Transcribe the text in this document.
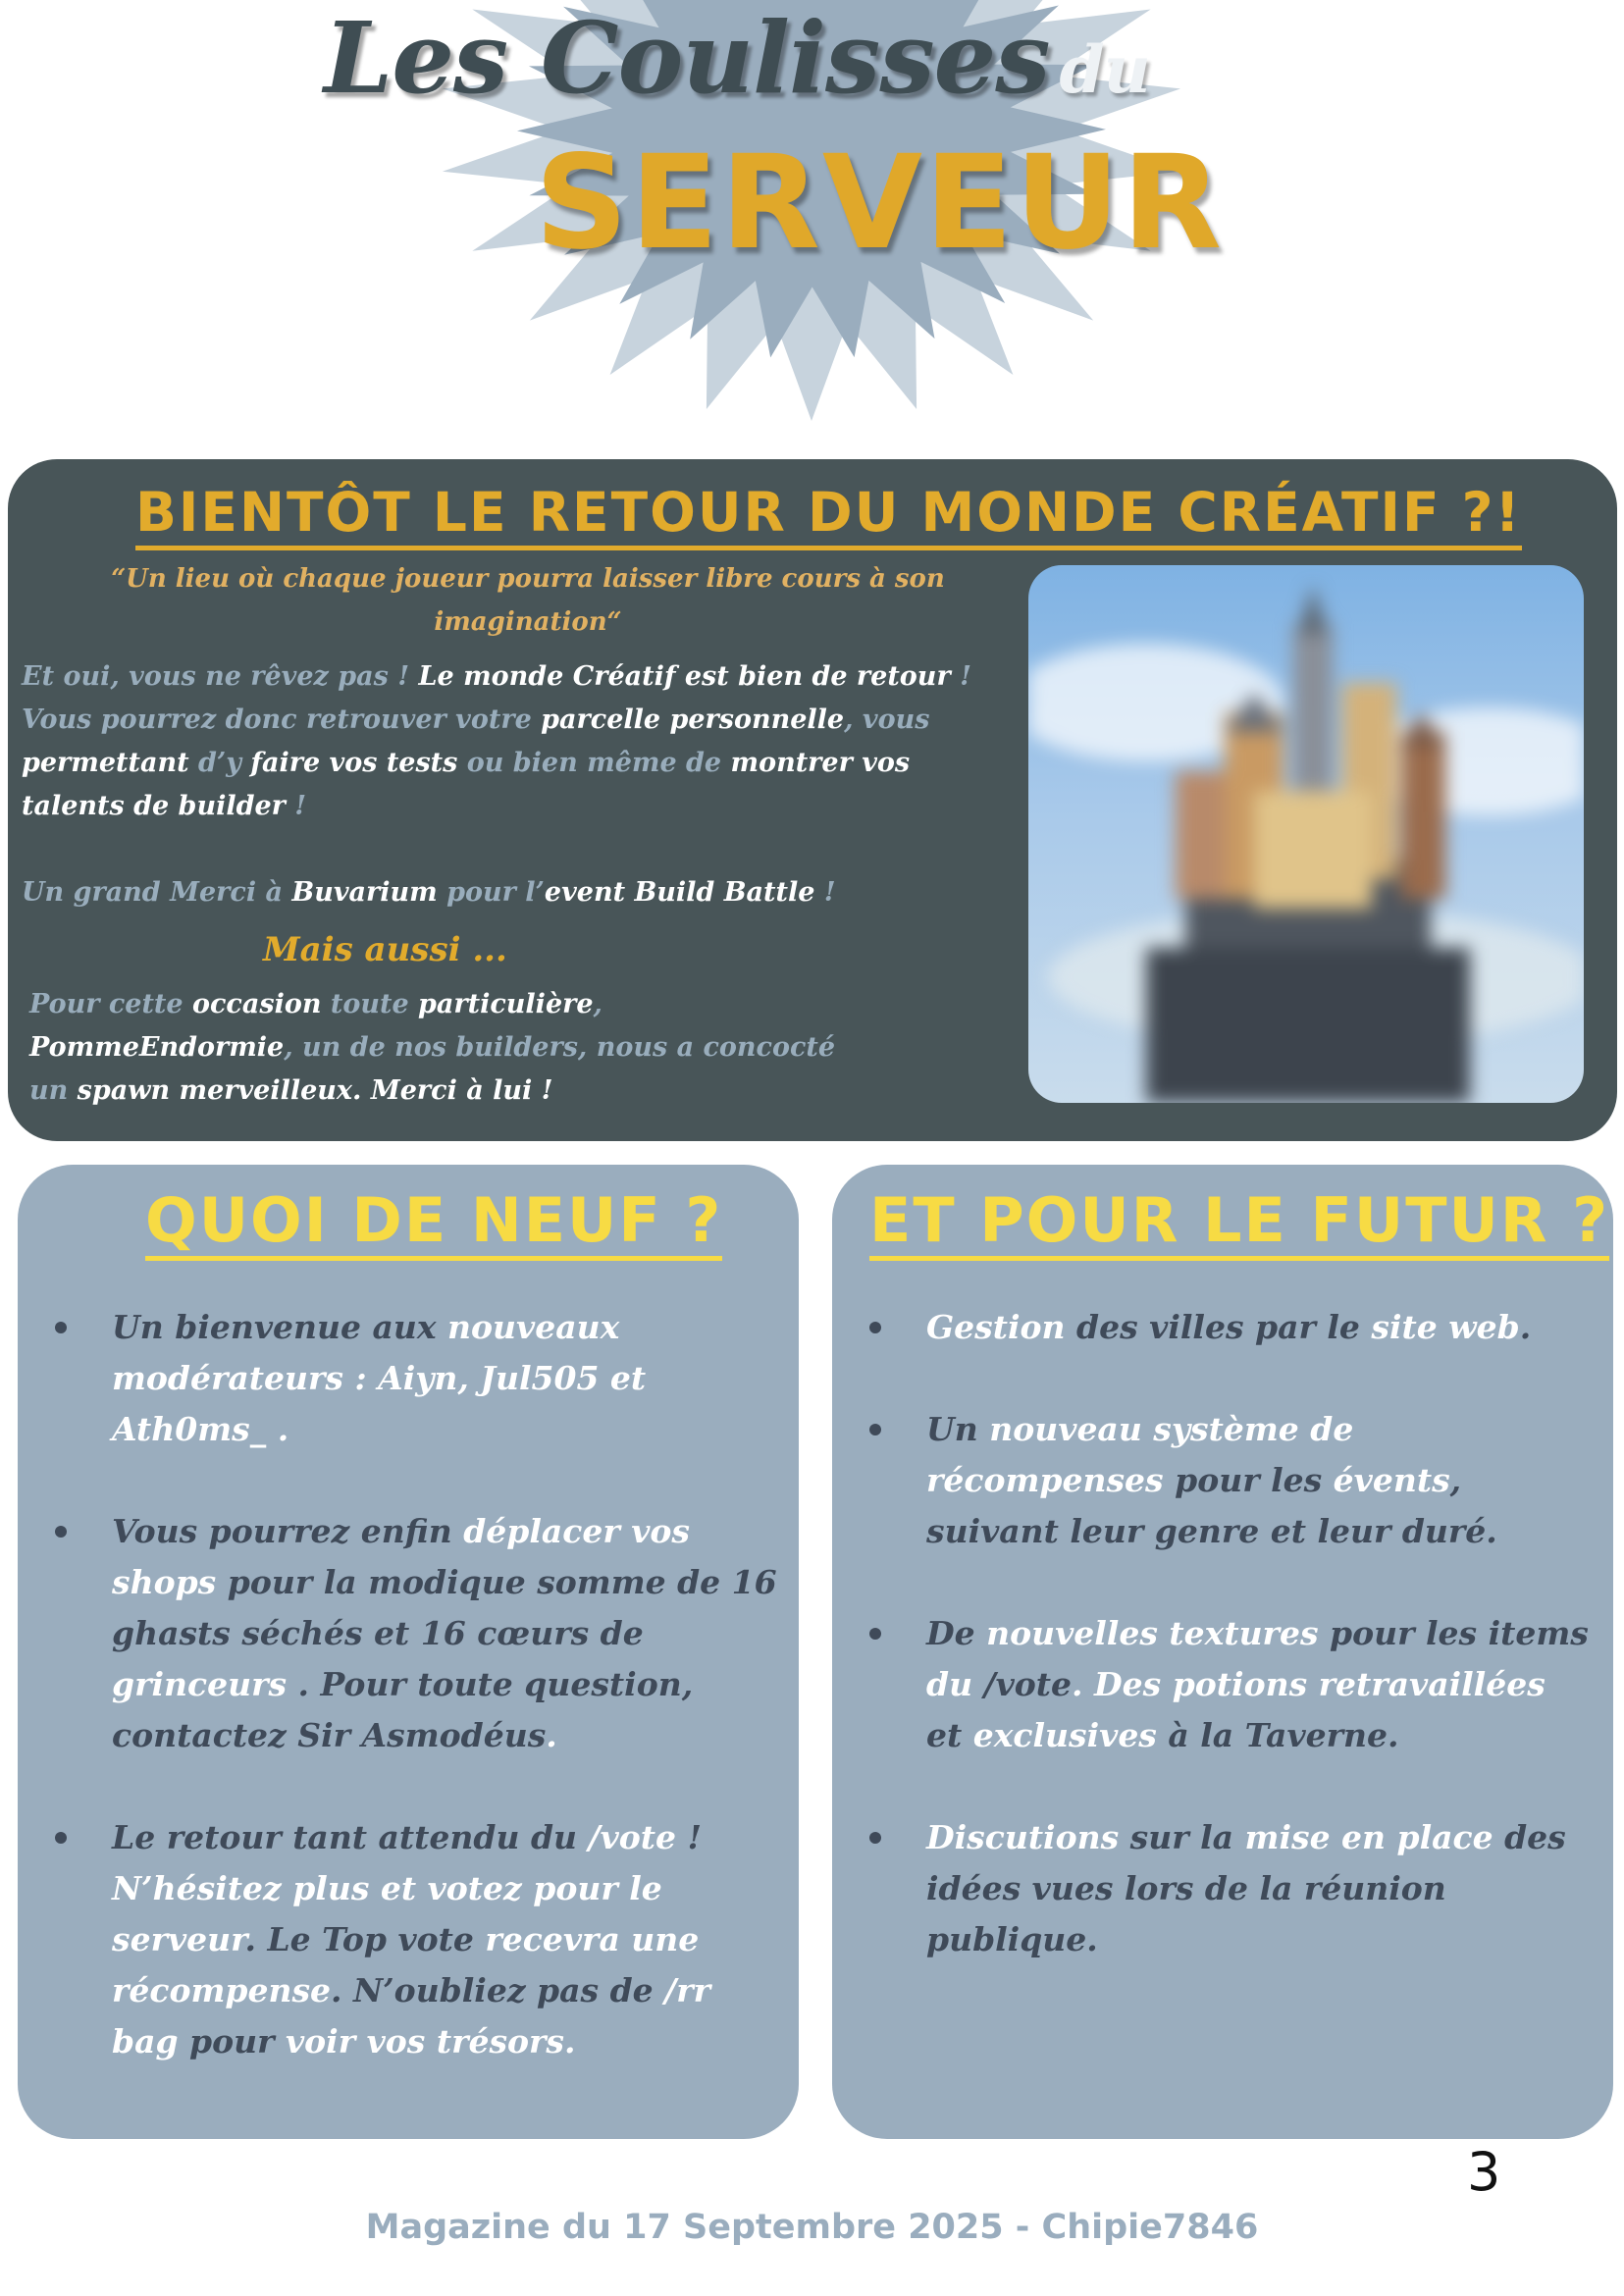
Les Coulisses du
SERVEUR
BIENTÔT LE RETOUR DU MONDE CRÉATIF ?!
“Un lieu où chaque joueur pourra laisser libre cours à son imagination“
Et oui, vous ne rêvez pas ! Le monde Créatif est bien de retour ! Vous pourrez donc retrouver votre parcelle personnelle, vous permettant d’y faire vos tests ou bien même de montrer vos talents de builder !
Un grand Merci à Buvarium pour l’event Build Battle !
Mais aussi ...
Pour cette occasion toute particulière,
PommeEndormie, un de nos builders, nous a concocté
un spawn merveilleux. Merci à lui !
QUOI DE NEUF ?
Un bienvenue aux nouveaux modérateurs : Aiyn, Jul505 et Ath0ms_ .
Vous pourrez enfin déplacer vos shops pour la modique somme de 16 ghasts séchés et 16 cœurs de grinceurs . Pour toute question, contactez Sir Asmodéus.
Le retour tant attendu du /vote ! N’hésitez plus et votez pour le serveur. Le Top vote recevra une récompense. N’oubliez pas de /rr bag pour voir vos trésors.
ET POUR LE FUTUR ?
Gestion des villes par le site web.
Un nouveau système de récompenses pour les évents, suivant leur genre et leur duré.
De nouvelles textures pour les items du /vote. Des potions retravaillées et exclusives à la Taverne.
Discutions sur la mise en place des idées vues lors de la réunion publique.
3
Magazine du 17 Septembre 2025 - Chipie7846
